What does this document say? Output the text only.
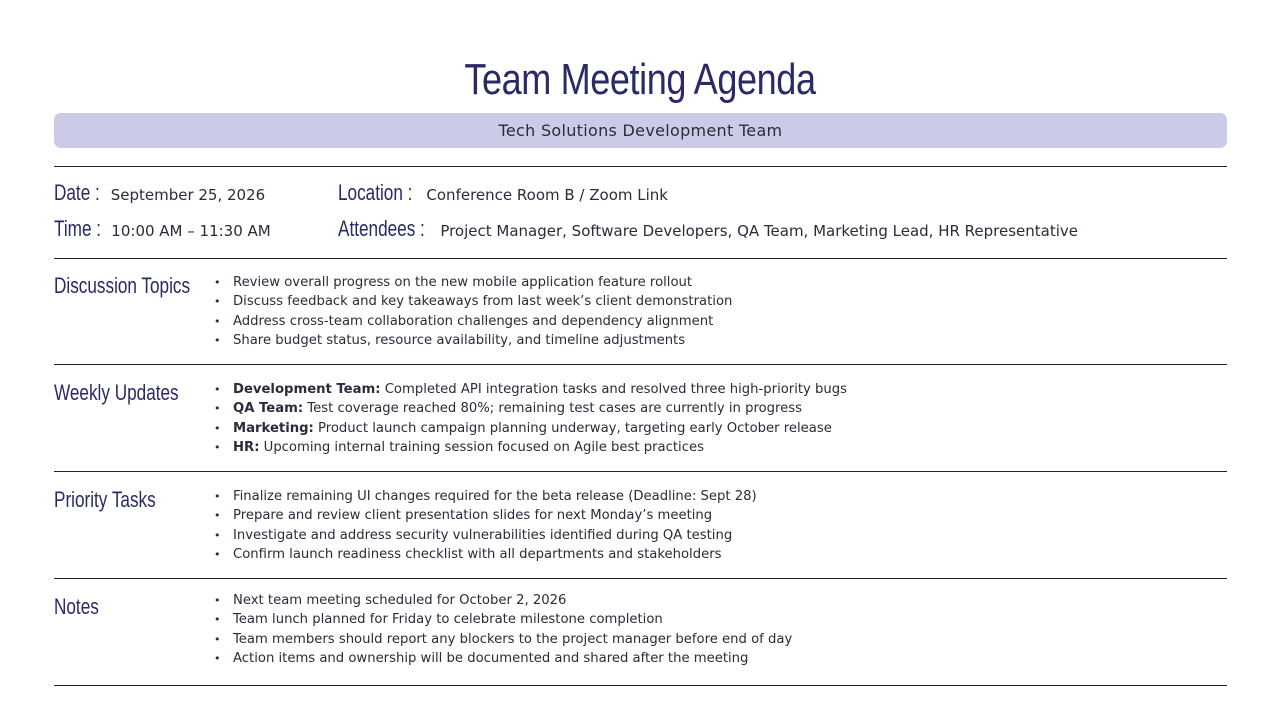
Team Meeting Agenda
Tech Solutions Development Team
Date : September 25, 2026
Time : 10:00 AM – 11:30 AM
Location : Conference Room B / Zoom Link
Attendees : Project Manager, Software Developers, QA Team, Marketing Lead, HR Representative
Discussion Topics	• Review overall progress on the new mobile application feature rollout
• Discuss feedback and key takeaways from last week’s client demonstration
• Address cross-team collaboration challenges and dependency alignment
• Share budget status, resource availability, and timeline adjustments
Weekly Updates	• Development Team: Completed API integration tasks and resolved three high-priority bugs
• QA Team: Test coverage reached 80%; remaining test cases are currently in progress
• Marketing: Product launch campaign planning underway, targeting early October release
• HR: Upcoming internal training session focused on Agile best practices
Priority Tasks	• Finalize remaining UI changes required for the beta release (Deadline: Sept 28)
• Prepare and review client presentation slides for next Monday’s meeting
• Investigate and address security vulnerabilities identified during QA testing
• Confirm launch readiness checklist with all departments and stakeholders
Notes	• Next team meeting scheduled for October 2, 2026
• Team lunch planned for Friday to celebrate milestone completion
• Team members should report any blockers to the project manager before end of day
• Action items and ownership will be documented and shared after the meeting
